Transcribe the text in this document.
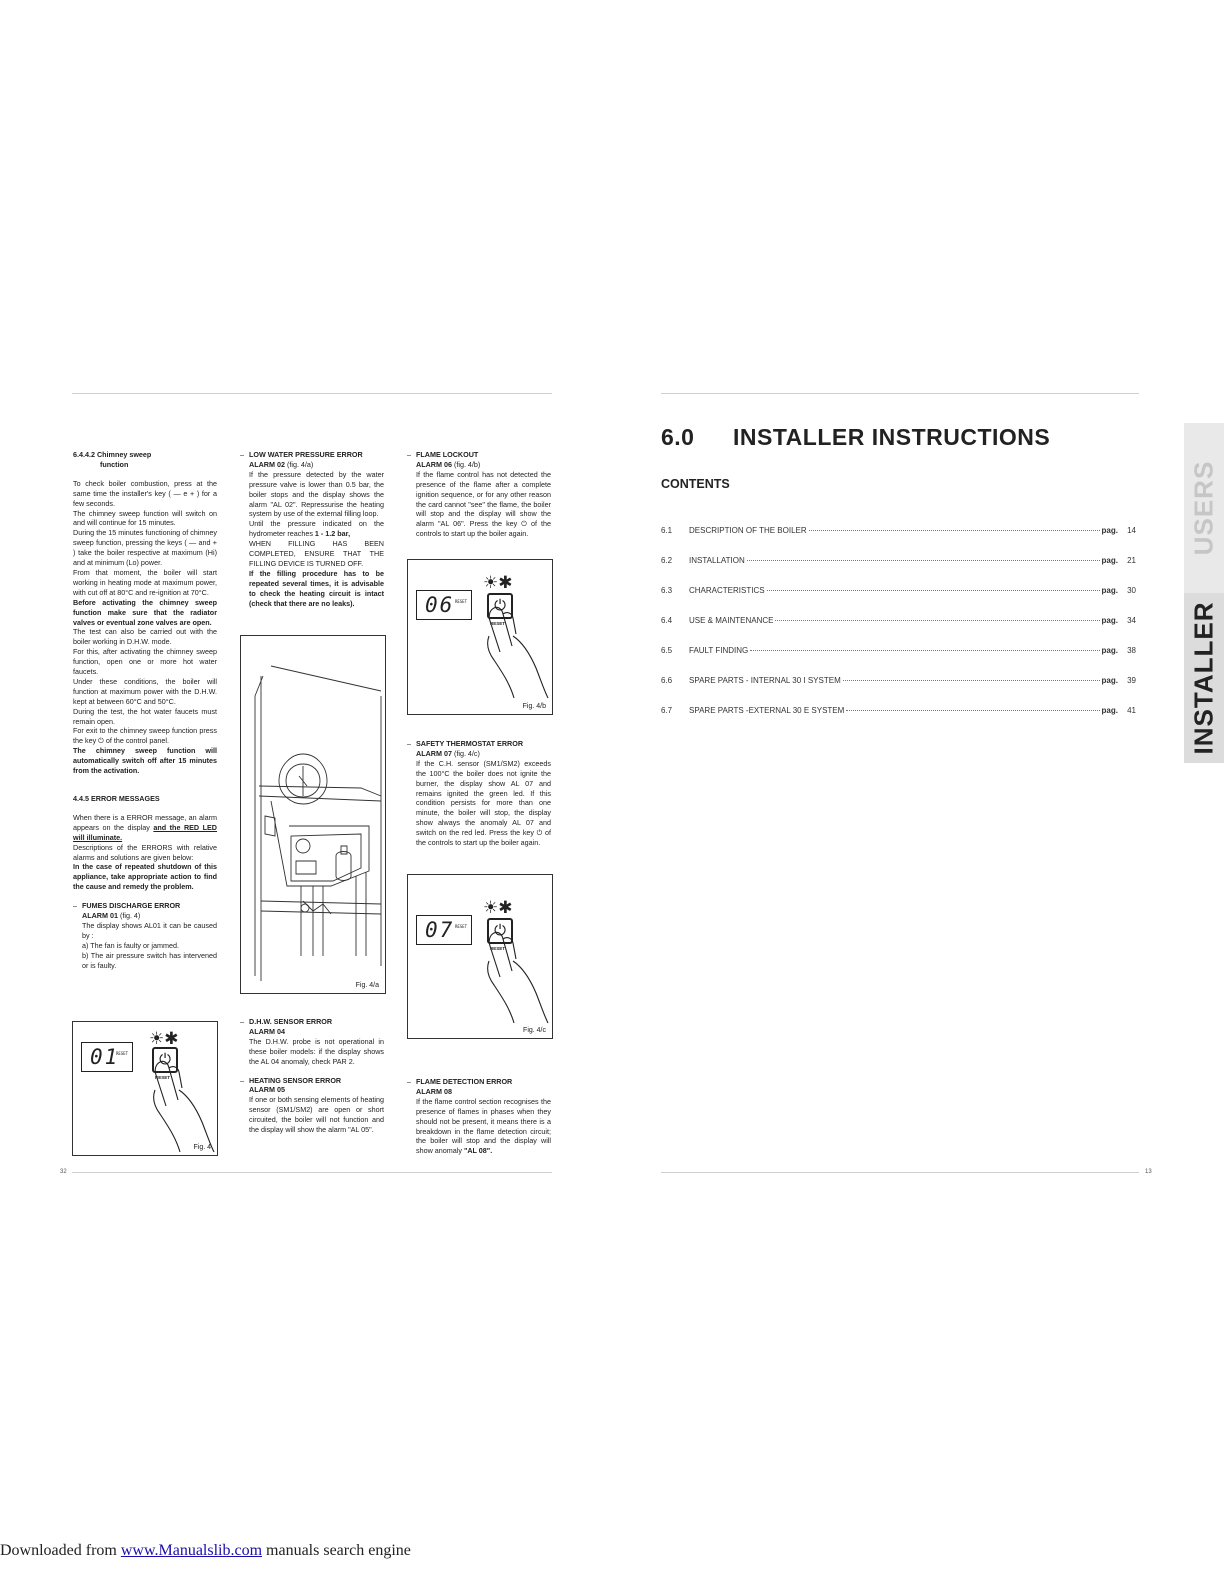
6.4.4.2 Chimney sweep

function

To check boiler combustion, press at the same time the installer's key ( — e + ) for a few seconds.

The chimney sweep function will switch on and will continue for 15 minutes.

During the 15 minutes functioning of chimney sweep function, pressing the keys ( — and + ) take the boiler respective at maximum (Hi) and at minimum (Lo) power.

From that moment, the boiler will start working in heating mode at maximum power, with cut off at 80°C and re-ignition at 70°C.

Before activating the chimney sweep function make sure that the radiator valves or eventual zone valves are open.

The test can also be carried out with the boiler working in D.H.W. mode.

For this, after activating the chimney sweep function, open one or more hot water faucets.

Under these conditions, the boiler will function at maximum power with the D.H.W. kept at between 60°C and 50°C.

During the test, the hot water faucets must remain open.

For exit to the chimney sweep function press the key ⏻ of the control panel.

The chimney sweep function will automatically switch off after 15 minutes from the activation.

4.4.5 ERROR MESSAGES

When there is a ERROR message, an alarm appears on the display and the RED LED will illuminate.

Descriptions of the ERRORS with relative alarms and solutions are given below:

In the case of repeated shutdown of this appliance, take appropriate action to find the cause and remedy the problem.

– FUMES DISCHARGE ERROR

ALARM 01 (fig. 4)

The display shows AL01 it can be caused by :

a) The fan is faulty or jammed.

b) The air pressure switch has intervened or is faulty.

01
RESET
☀✱
⏻
RESET
Fig. 4
– LOW WATER PRESSURE ERROR

ALARM 02 (fig. 4/a)

If the pressure detected by the water pressure valve is lower than 0.5 bar, the boiler stops and the display shows the alarm "AL 02". Repressurise the heating system by use of the external filling loop.

Until the pressure indicated on the hydrometer reaches 1 - 1.2 bar,

WHEN FILLING HAS BEEN COMPLETED, ENSURE THAT THE FILLING DEVICE IS TURNED OFF.

If the filling procedure has to be repeated several times, it is advisable to check the heating circuit is intact (check that there are no leaks).

Fig. 4/a
– D.H.W. SENSOR ERROR

ALARM 04

The D.H.W. probe is not operational in these boiler models: if the display shows the AL 04 anomaly, check PAR 2.

– HEATING SENSOR ERROR

ALARM 05

If one or both sensing elements of heating sensor (SM1/SM2) are open or short circuited, the boiler will not function and the display will show the alarm "AL 05".

– FLAME LOCKOUT

ALARM 06 (fig. 4/b)

If the flame control has not detected the presence of the flame after a complete ignition sequence, or for any other reason the card cannot "see" the flame, the boiler will stop and the display will show the alarm "AL 06". Press the key ⏻ of the controls to start up the boiler again.

06 RESET
☀✱
⏻
RESET
Fig. 4/b
– SAFETY THERMOSTAT ERROR

ALARM 07 (fig. 4/c)

If the C.H. sensor (SM1/SM2) exceeds the 100°C the boiler does not ignite the burner, the display show AL 07 and remains ignited the green led. If this condition persists for more than one minute, the boiler will stop, the display show always the anomaly AL 07 and switch on the red led. Press the key ⏻ of the controls to start up the boiler again.

07 RESET
☀✱
⏻
RESET
Fig. 4/c
– FLAME DETECTION ERROR

ALARM 08

If the flame control section recognises the presence of flames in phases when they should not be present, it means there is a breakdown in the flame detection circuit; the boiler will stop and the display will show anomaly "AL 08".

32
6.0 INSTALLER INSTRUCTIONS
CONTENTS
6.1	DESCRIPTION OF THE BOILER	pag.	14
6.2	INSTALLATION	pag.	21
6.3	CHARACTERISTICS	pag.	30
6.4	USE & MAINTENANCE	pag.	34
6.5	FAULT FINDING	pag.	38
6.6	SPARE PARTS - INTERNAL 30 I SYSTEM	pag.	39
6.7	SPARE PARTS -EXTERNAL 30 E SYSTEM	pag.	41
USERS
INSTALLER
13
Downloaded from www.Manualslib.com manuals search engine
